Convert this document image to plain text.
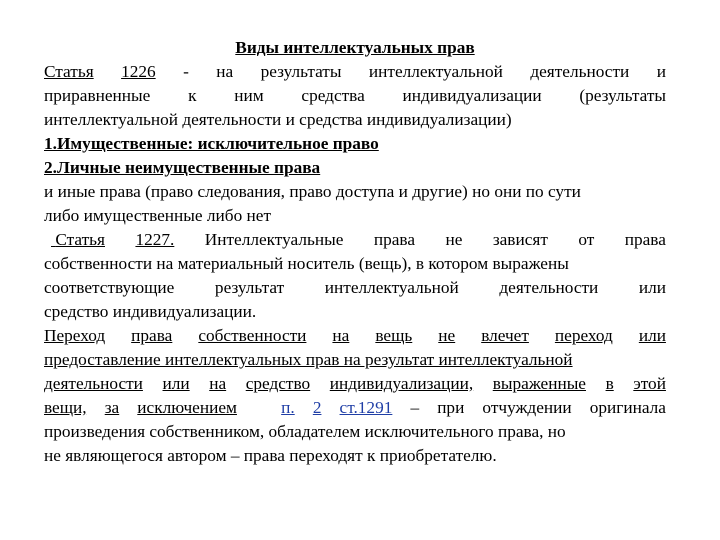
Виды интеллектуальных прав
Статья 1226 - на результаты интеллектуальной деятельности и
приравненные к ним средства индивидуализации (результаты
интеллектуальной деятельности и средства индивидуализации)
1.Имущественные: исключительное право
2.Личные неимущественные права
и иные права (право следования, право доступа и другие) но они по сути
либо имущественные либо нет
Статья 1227. Интеллектуальные права не зависят от права
собственности на материальный носитель (вещь), в котором выражены
соответствующие результат интеллектуальной деятельности или
средство индивидуализации.
Переход права собственности на вещь не влечет переход или
предоставление интеллектуальных прав на результат интеллектуальной
деятельности или на средство индивидуализации, выраженные в этой
вещи, за исключением	п. 2 ст.1291 – при отчуждении оригинала
произведения собственником, обладателем исключительного права, но
не являющегося автором – права переходят к приобретателю.
